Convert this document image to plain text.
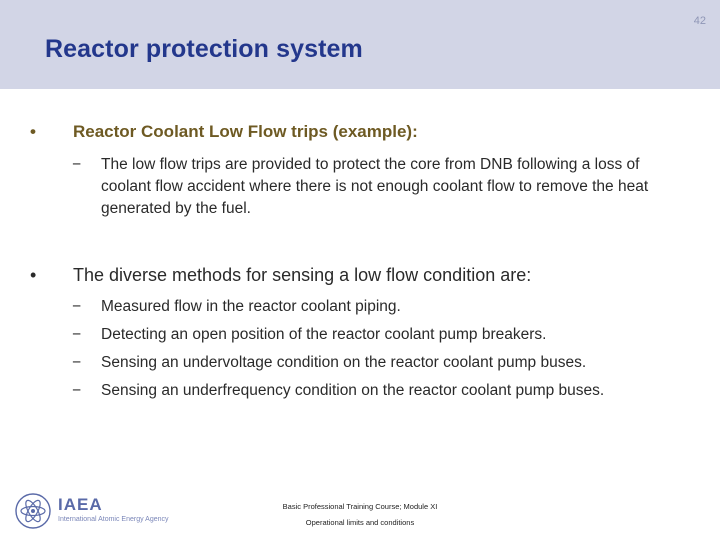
42
Reactor protection system
•	Reactor Coolant Low Flow trips (example):
− The low flow trips are provided to protect the core from DNB following a loss of coolant flow accident where there is not enough coolant flow to remove the heat generated by the fuel.
•	The diverse methods for sensing a low flow condition are:
− Measured flow in the reactor coolant piping.
− Detecting an open position of the reactor coolant pump breakers.
− Sensing an undervoltage condition on the reactor coolant pump buses.
− Sensing an underfrequency condition on the reactor coolant pump buses.
IAEA
International Atomic Energy Agency
Basic Professional Training Course; Module XI
Operational limits and conditions
